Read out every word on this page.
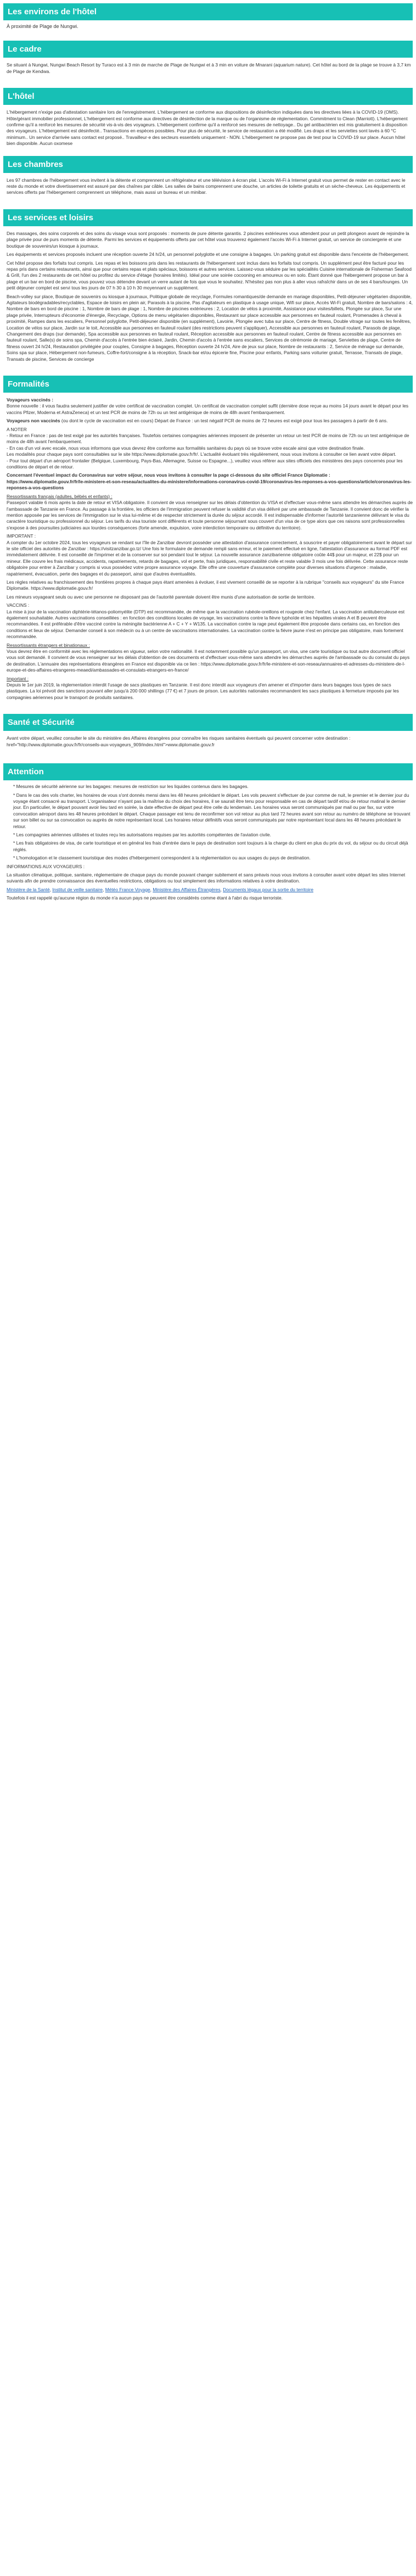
Les environs de l'hôtel
À proximité de Plage de Nungwi.
Le cadre

Se situant à Nungwi, Nungwi Beach Resort by Turaco est à 3 min de marche de Plage de Nungwi et à 3 min en voiture de Mnarani (aquarium nature). Cet hôtel au bord de la plage se trouve à 3,7 km de Plage de Kendwa.

L'hôtel

L'hébergement n'exige pas d'attestation sanitaire lors de l'enregistrement. L'hébergement se conforme aux dispositions de désinfection indiquées dans les directives liées à la COVID-19 (OMS). Hôte/gérant immobilier professionnel, L'hébergement est conforme aux directives de désinfection de la marque ou de l'organisme de réglementation. Commitment to Clean (Marriott). L'hébergement confirme qu'il a renforcé les mesures de sécurité vis-à-vis des voyageurs. L'hébergement confirme qu'il a renforcé ses mesures de nettoyage.. Du gel antibactérien est mis gratuitement à disposition des voyageurs. L'hébergement est désinfecté.. Transactions en espèces possibles. Pour plus de sécurité, le service de restauration a été modifié. Les draps et les serviettes sont lavés à 60 °C minimum.. Un service d'arrivée sans contact est proposé.. Travailleur·e des secteurs essentiels uniquement - NON. L'hébergement ne propose pas de test pour la COVID-19 sur place. Aucun hôtel bien disponible. Aucun oxomese

Les chambres

Les 97 chambres de l'hébergement vous invitent à la détente et comprennent un réfrigérateur et une télévision à écran plat. L'accès Wi-Fi à Internet gratuit vous permet de rester en contact avec le reste du monde et votre divertissement est assuré par des chaînes par câble. Les salles de bains comprennent une douche, un articles de toilette gratuits et un sèche-cheveux. Les équipements et services offerts par l'hébergement comprennent un téléphone, mais aussi un bureau et un minibar.

Les services et loisirs

Des massages, des soins corporels et des soins du visage vous sont proposés : moments de pure détente garantis. 2 piscines extérieures vous attendent pour un petit plongeon avant de rejoindre la plage privée pour de purs moments de détente. Parmi les services et équipements offerts par cet hôtel vous trouverez également l'accès Wi-Fi à Internet gratuit, un service de conciergerie et une boutique de souvenirs/un kiosque à journaux.

Les équipements et services proposés incluent une réception ouverte 24 h/24, un personnel polyglotte et une consigne à bagages. Un parking gratuit est disponible dans l'enceinte de l'hébergement.

Cet hôtel propose des forfaits tout compris. Les repas et les boissons pris dans les restaurants de l'hébergement sont inclus dans les forfaits tout compris. Un supplément peut être facturé pour les repas pris dans certains restaurants, ainsi que pour certains repas et plats spéciaux, boissons et autres services. Laissez-vous séduire par les spécialités Cuisine internationale de Fisherman Seafood & Grill, l'un des 2 restaurants de cet hôtel ou profitez du service d'étage (horaires limités). Idéal pour une soirée cocooning en amoureux ou en solo. Étant donné que l'hébergement propose un bar à plage et un bar en bord de piscine, vous pouvez vous détendre devant un verre autant de fois que vous le souhaitez. N'hésitez pas non plus à aller vous rafraîchir dans un de ses 4 bars/lounges. Un petit déjeuner complet est servi tous les jours de 07 h 30 à 10 h 30 moyennant un supplément.

Beach-volley sur place, Boutique de souvenirs ou kiosque à journaux, Politique globale de recyclage, Formules romantiques/de demande en mariage disponibles, Petit-déjeuner végétarien disponible, Agitateurs biodégradables/recyclables, Espace de loisirs en plein air, Parasols à la piscine, Pas d'agitateurs en plastique à usage unique, Wifi sur place, Accès Wi-Fi gratuit, Nombre de bars/salons : 4, Nombre de bars en bord de piscine : 1, Nombre de bars de plage : 1, Nombre de piscines extérieures : 2, Location de vélos à proximité, Assistance pour visites/billets, Plongée sur place, Sur une plage privée, Interrupteurs d'économie d'énergie, Recyclage, Options de menu végétarien disponibles, Restaurant sur place accessible aux personnes en fauteuil roulant, Promenades à cheval à proximité, Rampes dans les escaliers, Personnel polyglotte, Petit-déjeuner disponible (en supplément), Lavoirie, Plongée avec tuba sur place, Centre de fitness, Double vitrage sur toutes les fenêtres, Location de vélos sur place, Jardin sur le toit, Accessible aux personnes en fauteuil roulant (des restrictions peuvent s'appliquer), Accessible aux personnes en fauteuil roulant, Parasols de plage, Changement des draps (sur demande), Spa accessible aux personnes en fauteuil roulant, Réception accessible aux personnes en fauteuil roulant, Centre de fitness accessible aux personnes en fauteuil roulant, Salle(s) de soins spa, Chemin d'accès à l'entrée bien éclairé, Jardin, Chemin d'accès à l'entrée sans escaliers, Services de cérémonie de mariage, Serviettes de plage, Centre de fitness ouvert 24 h/24, Restauration privilégiée pour couples, Consigne à bagages, Réception ouverte 24 h/24, Aire de jeux sur place, Nombre de restaurants : 2, Service de ménage sur demande, Soins spa sur place, Hébergement non-fumeurs, Coffre-fort/consigne à la réception, Snack-bar et/ou épicerie fine, Piscine pour enfants, Parking sans voiturier gratuit, Terrasse, Transats de plage, Transats de piscine, Services de concierge

Formalités

Voyageurs vaccinés :

Bonne nouvelle : il vous faudra seulement justifier de votre certificat de vaccination complet. Un certificat de vaccination complet suffit (dernière dose reçue au moins 14 jours avant le départ pour les vaccins Pfizer, Moderna et AstraZeneca) et un test PCR de moins de 72h ou un test antigénique de moins de 48h avant l'embarquement.

Voyageurs non vaccinés (ou dont le cycle de vaccination est en cours) Départ de France : un test négatif PCR de moins de 72 heures est exigé pour tous les passagers à partir de 6 ans.

A NOTER

- Retour en France : pas de test exigé par les autorités françaises. Toutefois certaines compagnies aériennes imposent de présenter un retour un test PCR de moins de 72h ou un test antigénique de moins de 48h avant l'embarquement.

- En cas d'un vol avec escale, nous vous informons que vous devrez être conforme aux formalités sanitaires du pays où se trouve votre escale ainsi que votre destination finale.

Les modalités pour chaque pays sont consultables sur le site https://www.diplomatie.gouv.fr/fr/. L'actualité évoluant très régulièrement, nous vous invitons à consulter ce lien avant votre départ.

- Pour tout départ d'un aéroport frontalier (Belgique, Luxembourg, Pays-Bas, Allemagne, Suisse ou Espagne...), veuillez vous référer aux sites officiels des ministères des pays concernés pour les conditions de départ et de retour.

Concernant l'éventuel impact du Coronavirus sur votre séjour, nous vous invitons à consulter la page ci-dessous du site officiel France Diplomatie :

https://www.diplomatie.gouv.fr/fr/le-ministere-et-son-reseau/actualites-du-ministere/informations-coronavirus-covid-19/coronavirus-les-reponses-a-vos-questions/article/coronavirus-les-reponses-a-vos-questions

Ressortissants français (adultes, bébés et enfants) :

Passeport valable 6 mois après la date de retour et VISA obligatoire. Il convient de vous renseigner sur les délais d'obtention du VISA et d'effectuer vous-même sans attendre les démarches auprès de l'ambassade de Tanzanie en France. Au passage à la frontière, les officiers de l'immigration peuvent refuser la validité d'un visa délivré par une ambassade de Tanzanie. Il convient donc de vérifier la mention apposée par les services de l'immigration sur le visa lui-même et de respecter strictement la durée du séjour accordé. Il est indispensable d'informer l'autorité tanzanienne délivrant le visa du caractère touristique ou professionnel du séjour. Les tarifs du visa touriste sont différents et toute personne séjournant sous couvert d'un visa de ce type alors que ces raisons sont professionnelles s'expose à des poursuites judiciaires aux lourdes conséquences (forte amende, expulsion, voire interdiction temporaire ou définitive du territoire).

IMPORTANT :

A compter du 1er octobre 2024, tous les voyageurs se rendant sur l'île de Zanzibar devront posséder une attestation d'assurance correctement, à souscrire et payer obligatoirement avant le départ sur le site officiel des autorités de Zanzibar : https://visitzanzibar.go.tz/ Une fois le formulaire de demande rempli sans erreur, et le paiement effectué en ligne, l'attestation d'assurance au format PDF est immédiatement délivrée. Il est conseillé de l'imprimer et de la conserver sur soi pendant tout le séjour. La nouvelle assurance zanzibarienne obligatoire coûte 44$ pour un majeur, et 22$ pour un mineur. Elle couvre les frais médicaux, accidents, rapatriements, retards de bagages, vol et perte, frais juridiques, responsabilité civile et reste valable 3 mois une fois délivrée. Cette assurance reste obligatoire pour entrer à Zanzibar y compris si vous possédez votre propre assurance voyage. Elle offre une couverture d'assurance complète pour diverses situations d'urgence : maladie, rapatriement, évacuation, perte des bagages et du passeport, ainsi que d'autres éventualités.

Les règles relatives au franchissement des frontières propres à chaque pays étant amenées à évoluer, il est vivement conseillé de se reporter à la rubrique "conseils aux voyageurs" du site France Diplomatie. https://www.diplomatie.gouv.fr/

Les mineurs voyageant seuls ou avec une personne ne disposant pas de l'autorité parentale doivent être munis d'une autorisation de sortie de territoire.

VACCINS :

La mise à jour de la vaccination diphtérie-tétanos-poliomyélite (DTP) est recommandée, de même que la vaccination rubéole-oreillons et rougeole chez l'enfant. La vaccination antituberculeuse est également souhaitable. Autres vaccinations conseillées : en fonction des conditions locales de voyage, les vaccinations contre la fièvre typhoïde et les hépatites virales A et B peuvent être recommandées. Il est préférable d'être vacciné contre la méningite bactérienne A + C + Y + W135. La vaccination contre la rage peut également être proposée dans certains cas, en fonction des conditions et lieux de séjour. Demander conseil à son médecin ou à un centre de vaccinations internationales. La vaccination contre la fièvre jaune n'est en principe pas obligatoire, mais fortement recommandée.

Ressortissants étrangers et binationaux :

Vous devrez être en conformité avec les réglementations en vigueur, selon votre nationalité. Il est notamment possible qu'un passeport, un visa, une carte touristique ou tout autre document officiel vous soit demandé. Il convient de vous renseigner sur les délais d'obtention de ces documents et d'effectuer vous-même sans attendre les démarches auprès de l'ambassade ou du consulat du pays de destination. L'annuaire des représentations étrangères en France est disponible via ce lien : https://www.diplomatie.gouv.fr/fr/le-ministere-et-son-reseau/annuaires-et-adresses-du-ministere-de-l-europe-et-des-affaires-etrangeres-meaedi/ambassades-et-consulats-etrangers-en-france/

Important :

Depuis le 1er juin 2019, la réglementation interdit l'usage de sacs plastiques en Tanzanie. Il est donc interdit aux voyageurs d'en amener et d'importer dans leurs bagages tous types de sacs plastiques. La loi prévoit des sanctions pouvant aller jusqu'à 200 000 shillings (77 €) et 7 jours de prison. Les autorités nationales recommandent les sacs plastiques à fermeture imposés par les compagnies aériennes pour le transport de produits sanitaires.

Santé et Sécurité

Avant votre départ, veuillez consulter le site du ministère des Affaires étrangères pour connaître les risques sanitaires éventuels qui peuvent concerner votre destination : href="http://www.diplomatie.gouv.fr/fr/conseils-aux-voyageurs_909/index.html">www.diplomatie.gouv.fr

Attention
* Mesures de sécurité aérienne sur les bagages: mesures de restriction sur les liquides contenus dans les bagages.
* Dans le cas des vols charter, les horaires de vous s'ont donnés mensi dans les 48 heures précédant le départ. Les vols peuvent s'effectuer de jour comme de nuit, le premier et le dernier jour du voyage étant consacré au transport. L'organisateur n'ayant pas la maîtrise du choix des horaires, il se saurait être tenu pour responsable en cas de départ tardif et/ou de retour matinal le dernier jour. En particulier, le départ pouvant avoir lieu tard en soirée, la date effective de départ peut être celle du lendemain. Les horaires vous seront communiqués par mail ou par fax, sur votre convocation aéroport dans les 48 heures précédant le départ. Chaque passager est tenu de reconfirmer son vol retour au plus tard 72 heures avant son retour au numéro de téléphone se trouvant sur son billet ou sur sa convocation ou auprès de notre représentant local. Les horaires retour définitifs vous seront communiqués par notre représentant local dans les 48 heures précédant le retour.
* Les compagnies aériennes utilisées et toutes reçu les autorisations requises par les autorités compétentes de l'aviation civile.
* Les frais obligatoires de visa, de carte touristique et en général les frais d'entrée dans le pays de destination sont toujours à la charge du client en plus du prix du vol, du séjour ou du circuit déjà réglés.
* L'homologation et le classement touristique des modes d'hébergement correspondent à la réglementation ou aux usages du pays de destination.

INFORMATIONS AUX VOYAGEURS :

La situation climatique, politique, sanitaire, réglementaire de chaque pays du monde pouvant changer subitement et sans préavis nous vous invitons à consulter avant votre départ les sites Internet suivants afin de prendre connaissance des éventuelles restrictions, obligations ou tout simplement des informations relatives à votre destination.

Ministère de la Santé, Institut de veille sanitaire, Météo France Voyage, Ministère des Affaires Étrangères, Documents légaux pour la sortie du territoire

Toutefois il est rappelé qu'aucune région du monde n'a aucun pays ne peuvent être considérés comme étant à l'abri du risque terroriste.
